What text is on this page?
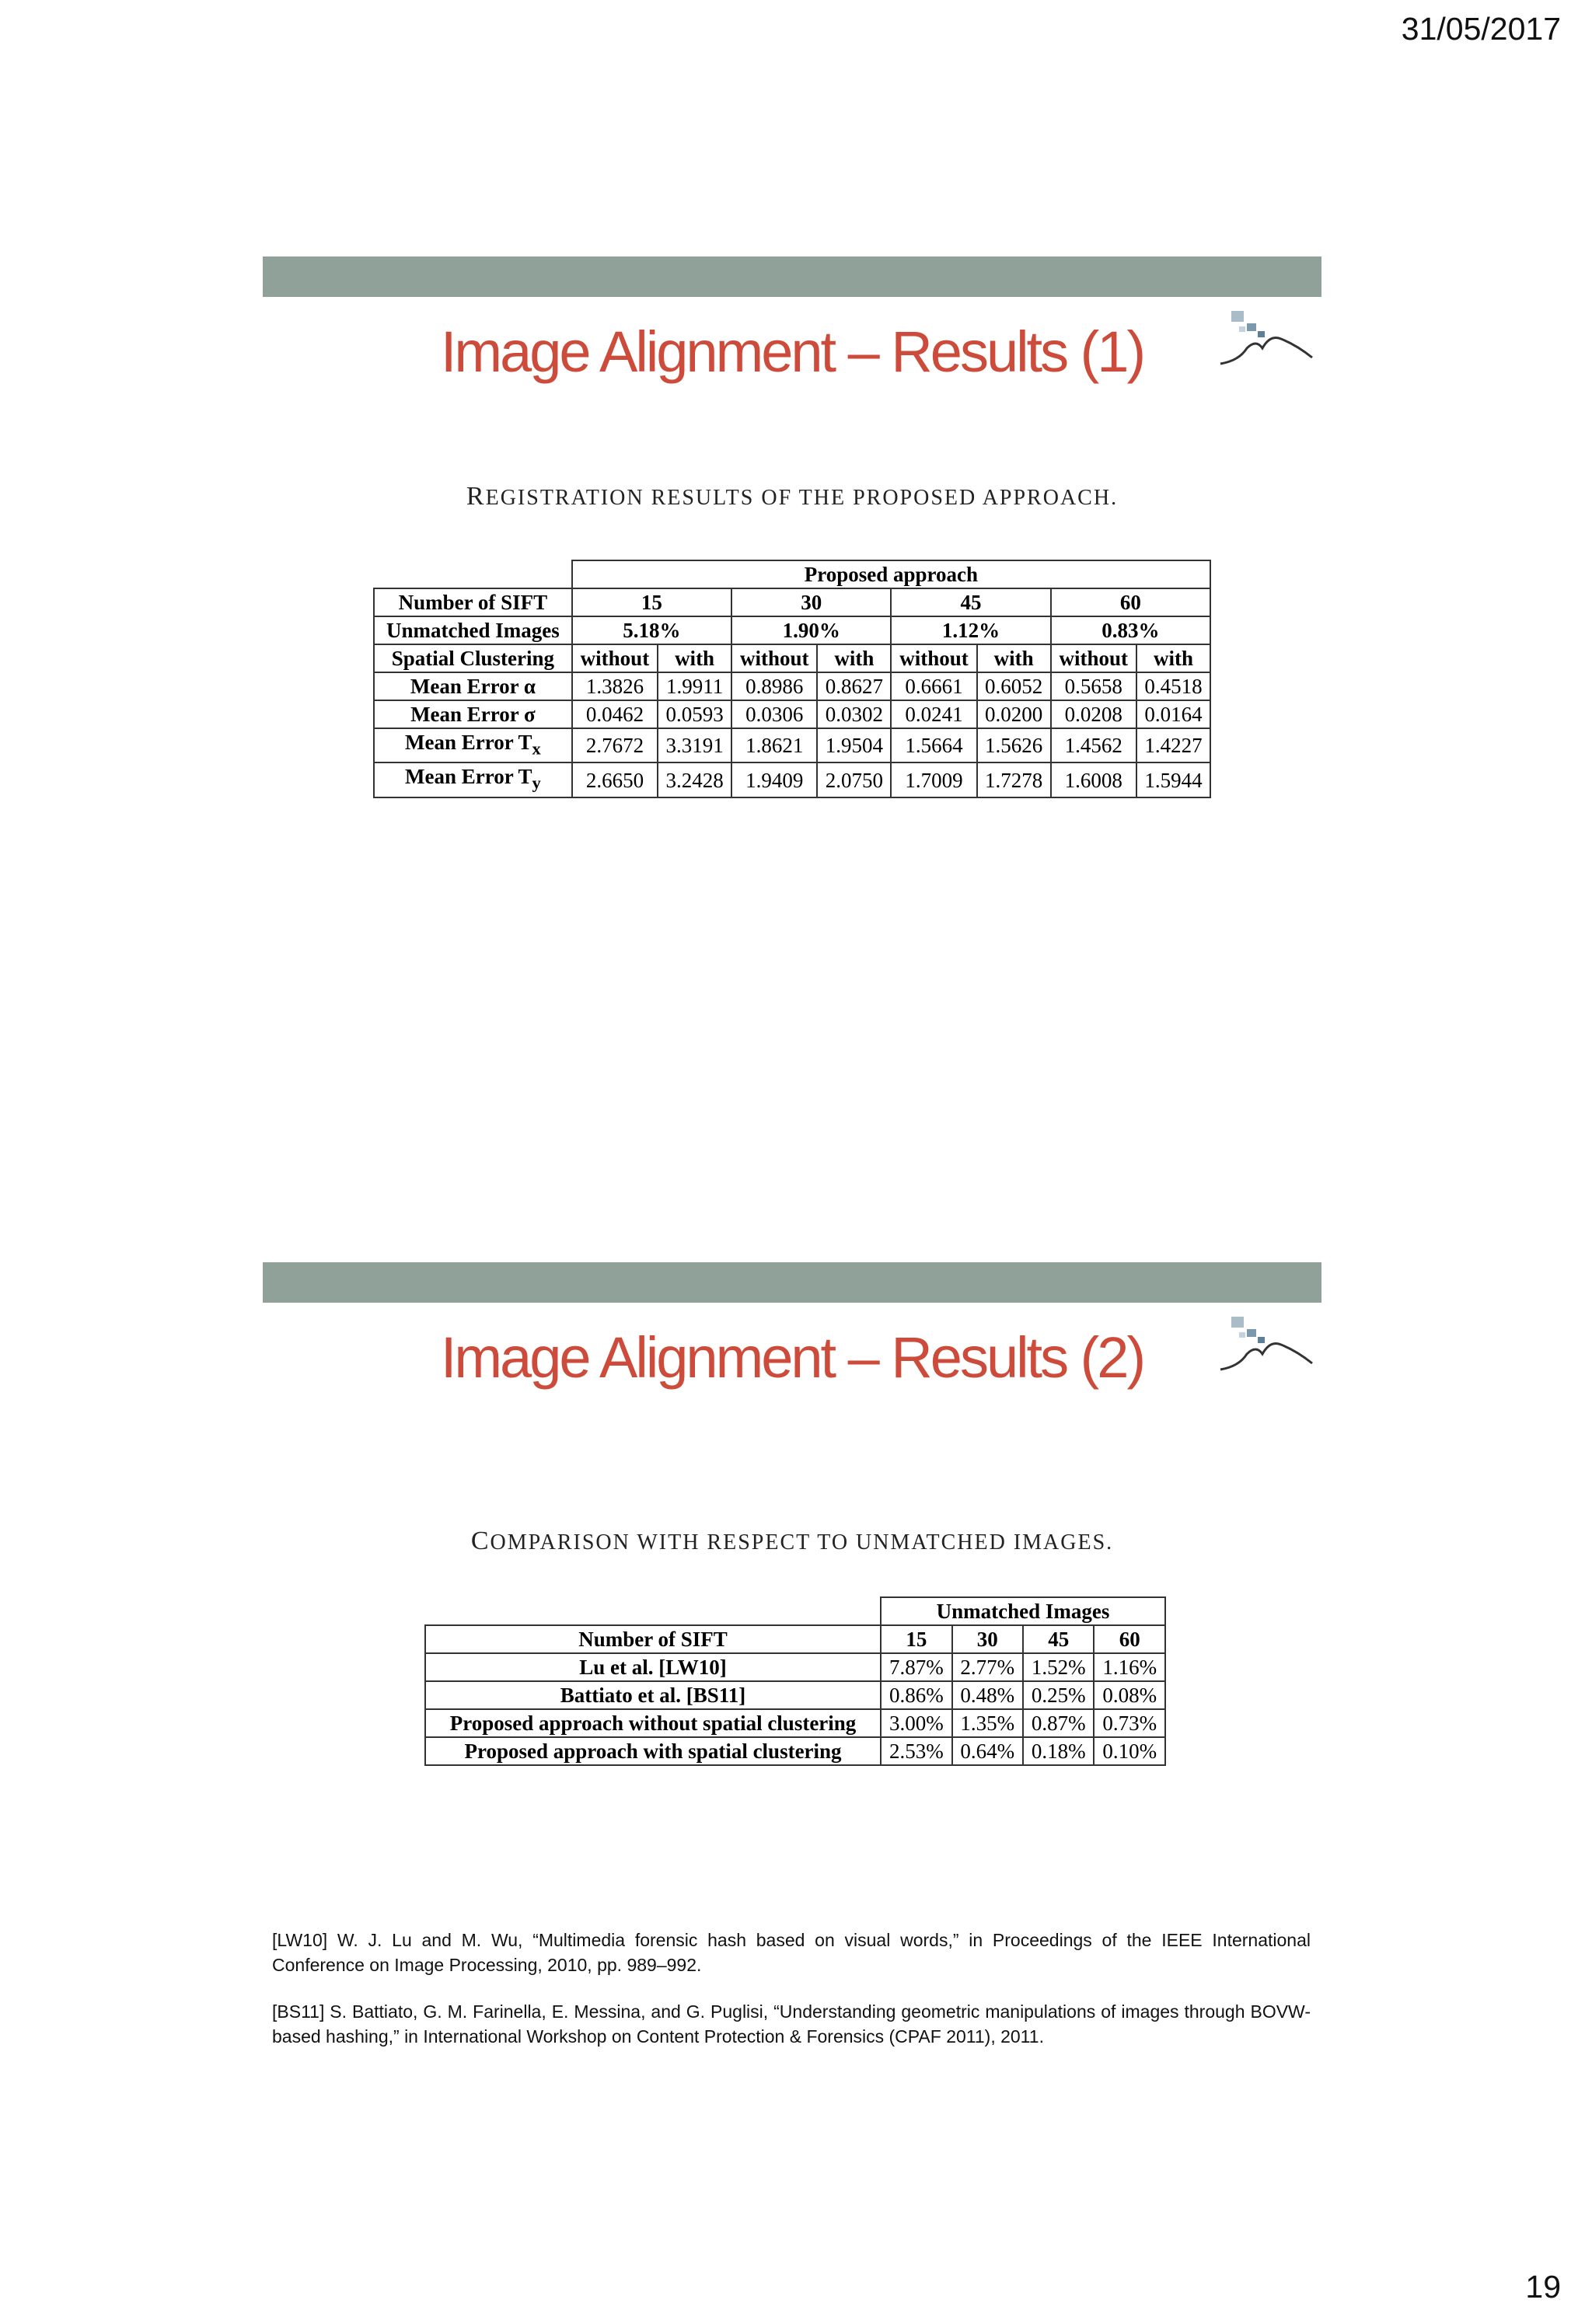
31/05/2017
Image Alignment – Results (1)
REGISTRATION RESULTS OF THE PROPOSED APPROACH.
	Proposed approach							
Number of SIFT	15		30		45		60	
Unmatched Images	5.18%		1.90%		1.12%		0.83%	
Spatial Clustering	without	with	without	with	without	with	without	with
Mean Error α	1.3826	1.9911	0.8986	0.8627	0.6661	0.6052	0.5658	0.4518
Mean Error σ	0.0462	0.0593	0.0306	0.0302	0.0241	0.0200	0.0208	0.0164
Mean Error $T_x$	2.7672	3.3191	1.8621	1.9504	1.5664	1.5626	1.4562	1.4227
Mean Error $T_y$	2.6650	3.2428	1.9409	2.0750	1.7009	1.7278	1.6008	1.5944
Image Alignment – Results (2)
COMPARISON WITH RESPECT TO UNMATCHED IMAGES.
	Unmatched Images			
Number of SIFT	15	30	45	60
Lu et al. [LW10]	7.87%	2.77%	1.52%	1.16%
Battiato et al. [BS11]	0.86%	0.48%	0.25%	0.08%
Proposed approach without spatial clustering	3.00%	1.35%	0.87%	0.73%
Proposed approach with spatial clustering	2.53%	0.64%	0.18%	0.10%

[LW10] W. J. Lu and M. Wu, “Multimedia forensic hash based on visual words,” in Proceedings of the IEEE International Conference on Image Processing, 2010, pp. 989–992.

[BS11] S. Battiato, G. M. Farinella, E. Messina, and G. Puglisi, “Understanding geometric manipulations of images through BOVW-based hashing,” in International Workshop on Content Protection & Forensics (CPAF 2011), 2011.

19
